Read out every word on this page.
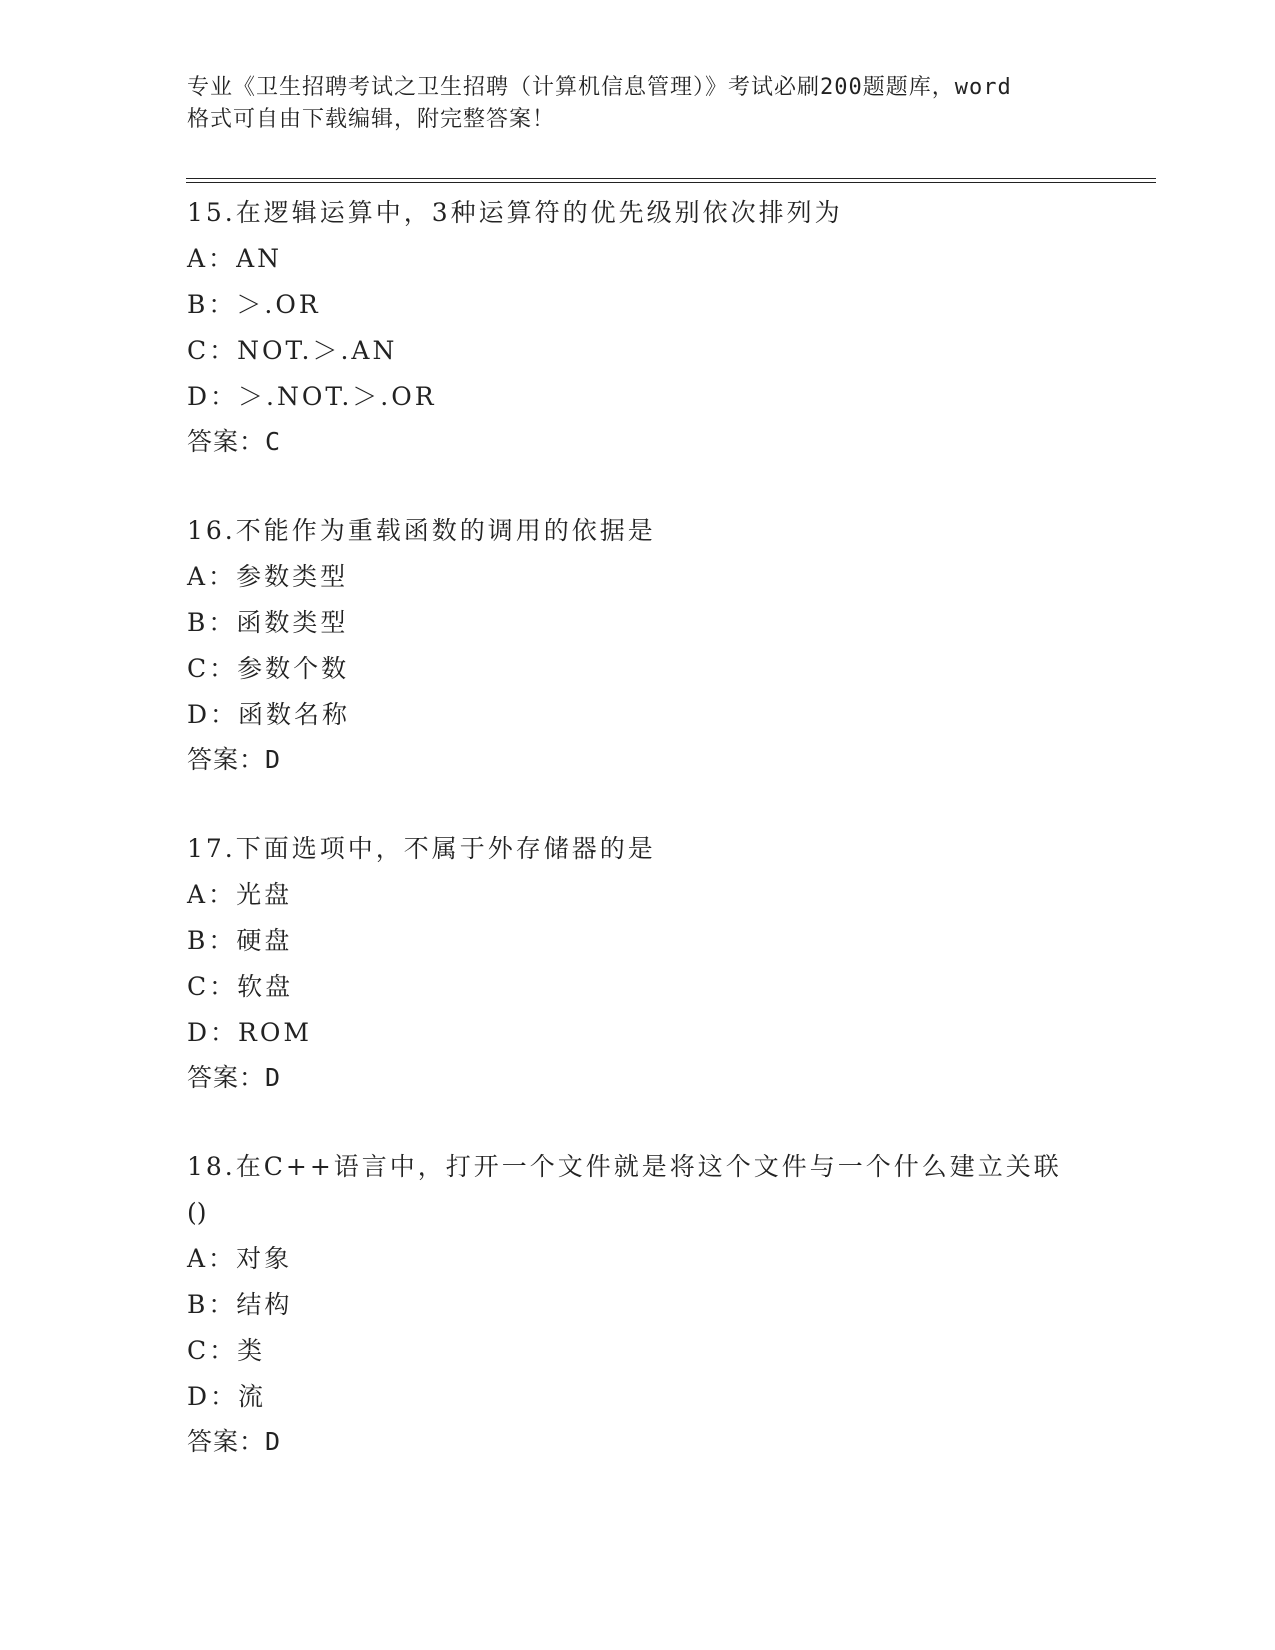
专业《卫生招聘考试之卫生招聘（计算机信息管理）》考试必刷200题题库，word
格式可自由下载编辑，附完整答案！
15.在逻辑运算中，3种运算符的优先级别依次排列为
A：AN
B：＞.OR
C：NOT.＞.AN
D：＞.NOT.＞.OR
答案：C
16.不能作为重载函数的调用的依据是
A：参数类型
B：函数类型
C：参数个数
D：函数名称
答案：D
17.下面选项中，不属于外存储器的是
A：光盘
B：硬盘
C：软盘
D：ROM
答案：D
18.在C++语言中，打开一个文件就是将这个文件与一个什么建立关联
()
A：对象
B：结构
C：类
D：流
答案：D
